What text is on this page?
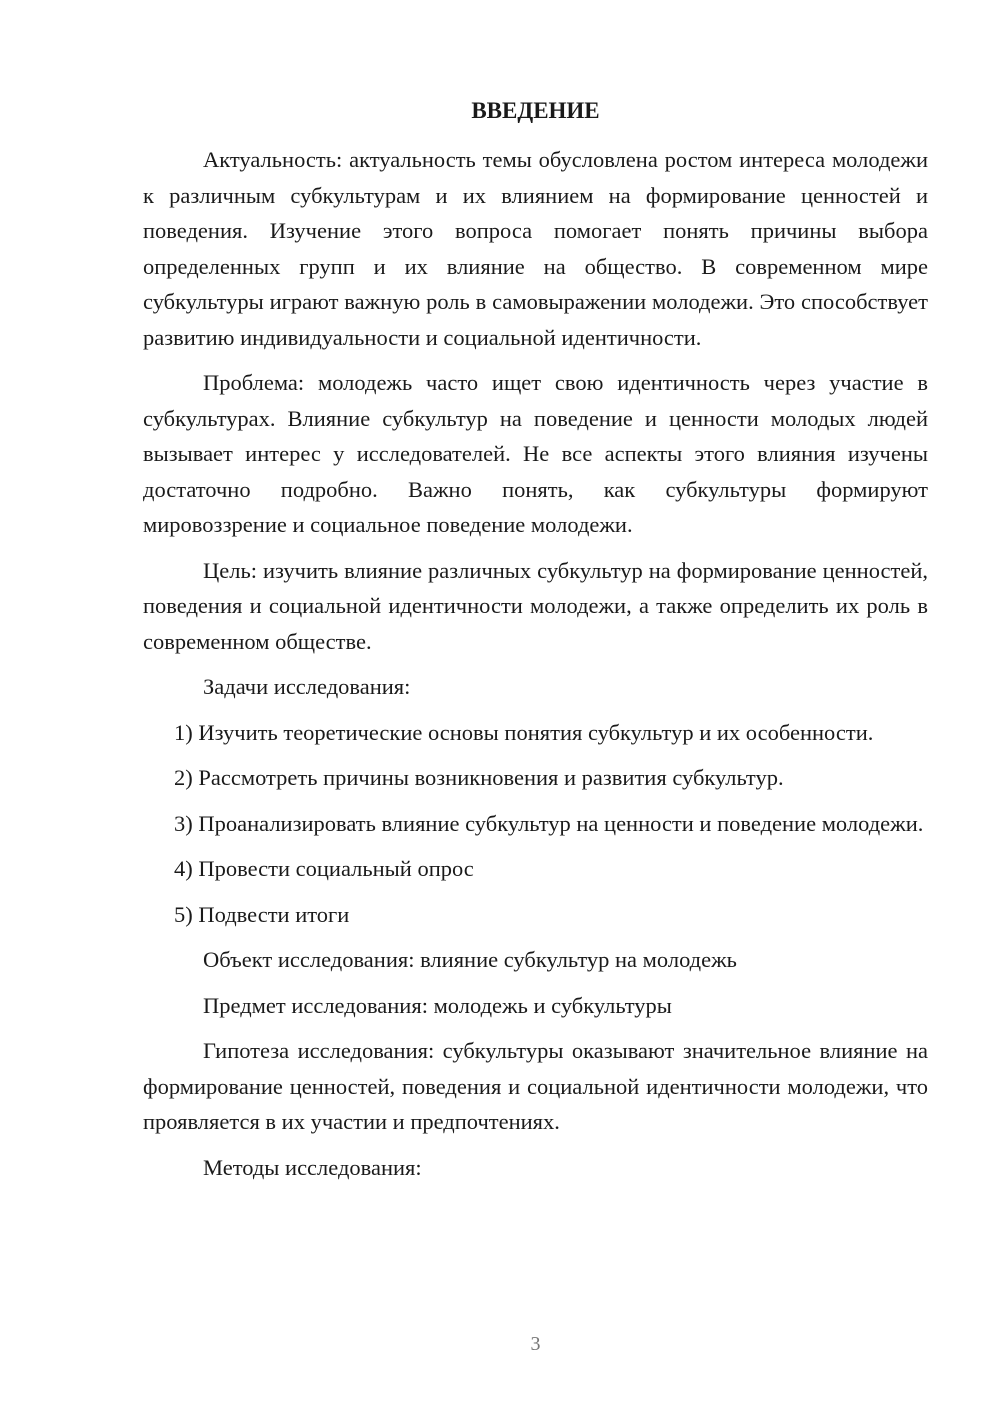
ВВЕДЕНИЕ

Актуальность: актуальность темы обусловлена ростом интереса молодежи к различным субкультурам и их влиянием на формирование ценностей и поведения. Изучение этого вопроса помогает понять причины выбора определенных групп и их влияние на общество. В современном мире субкультуры играют важную роль в самовыражении молодежи. Это способствует развитию индивидуальности и социальной идентичности.

Проблема: молодежь часто ищет свою идентичность через участие в субкультурах. Влияние субкультур на поведение и ценности молодых людей вызывает интерес у исследователей. Не все аспекты этого влияния изучены достаточно подробно. Важно понять, как субкультуры формируют мировоззрение и социальное поведение молодежи.

Цель: изучить влияние различных субкультур на формирование ценностей, поведения и социальной идентичности молодежи, а также определить их роль в современном обществе.

Задачи исследования:

1) Изучить теоретические основы понятия субкультур и их особенности.

2) Рассмотреть причины возникновения и развития субкультур.

3) Проанализировать влияние субкультур на ценности и поведение молодежи.

4) Провести социальный опрос

5) Подвести итоги

Объект исследования: влияние субкультур на молодежь

Предмет исследования: молодежь и субкультуры

Гипотеза исследования: субкультуры оказывают значительное влияние на формирование ценностей, поведения и социальной идентичности молодежи, что проявляется в их участии и предпочтениях.

Методы исследования:

3
